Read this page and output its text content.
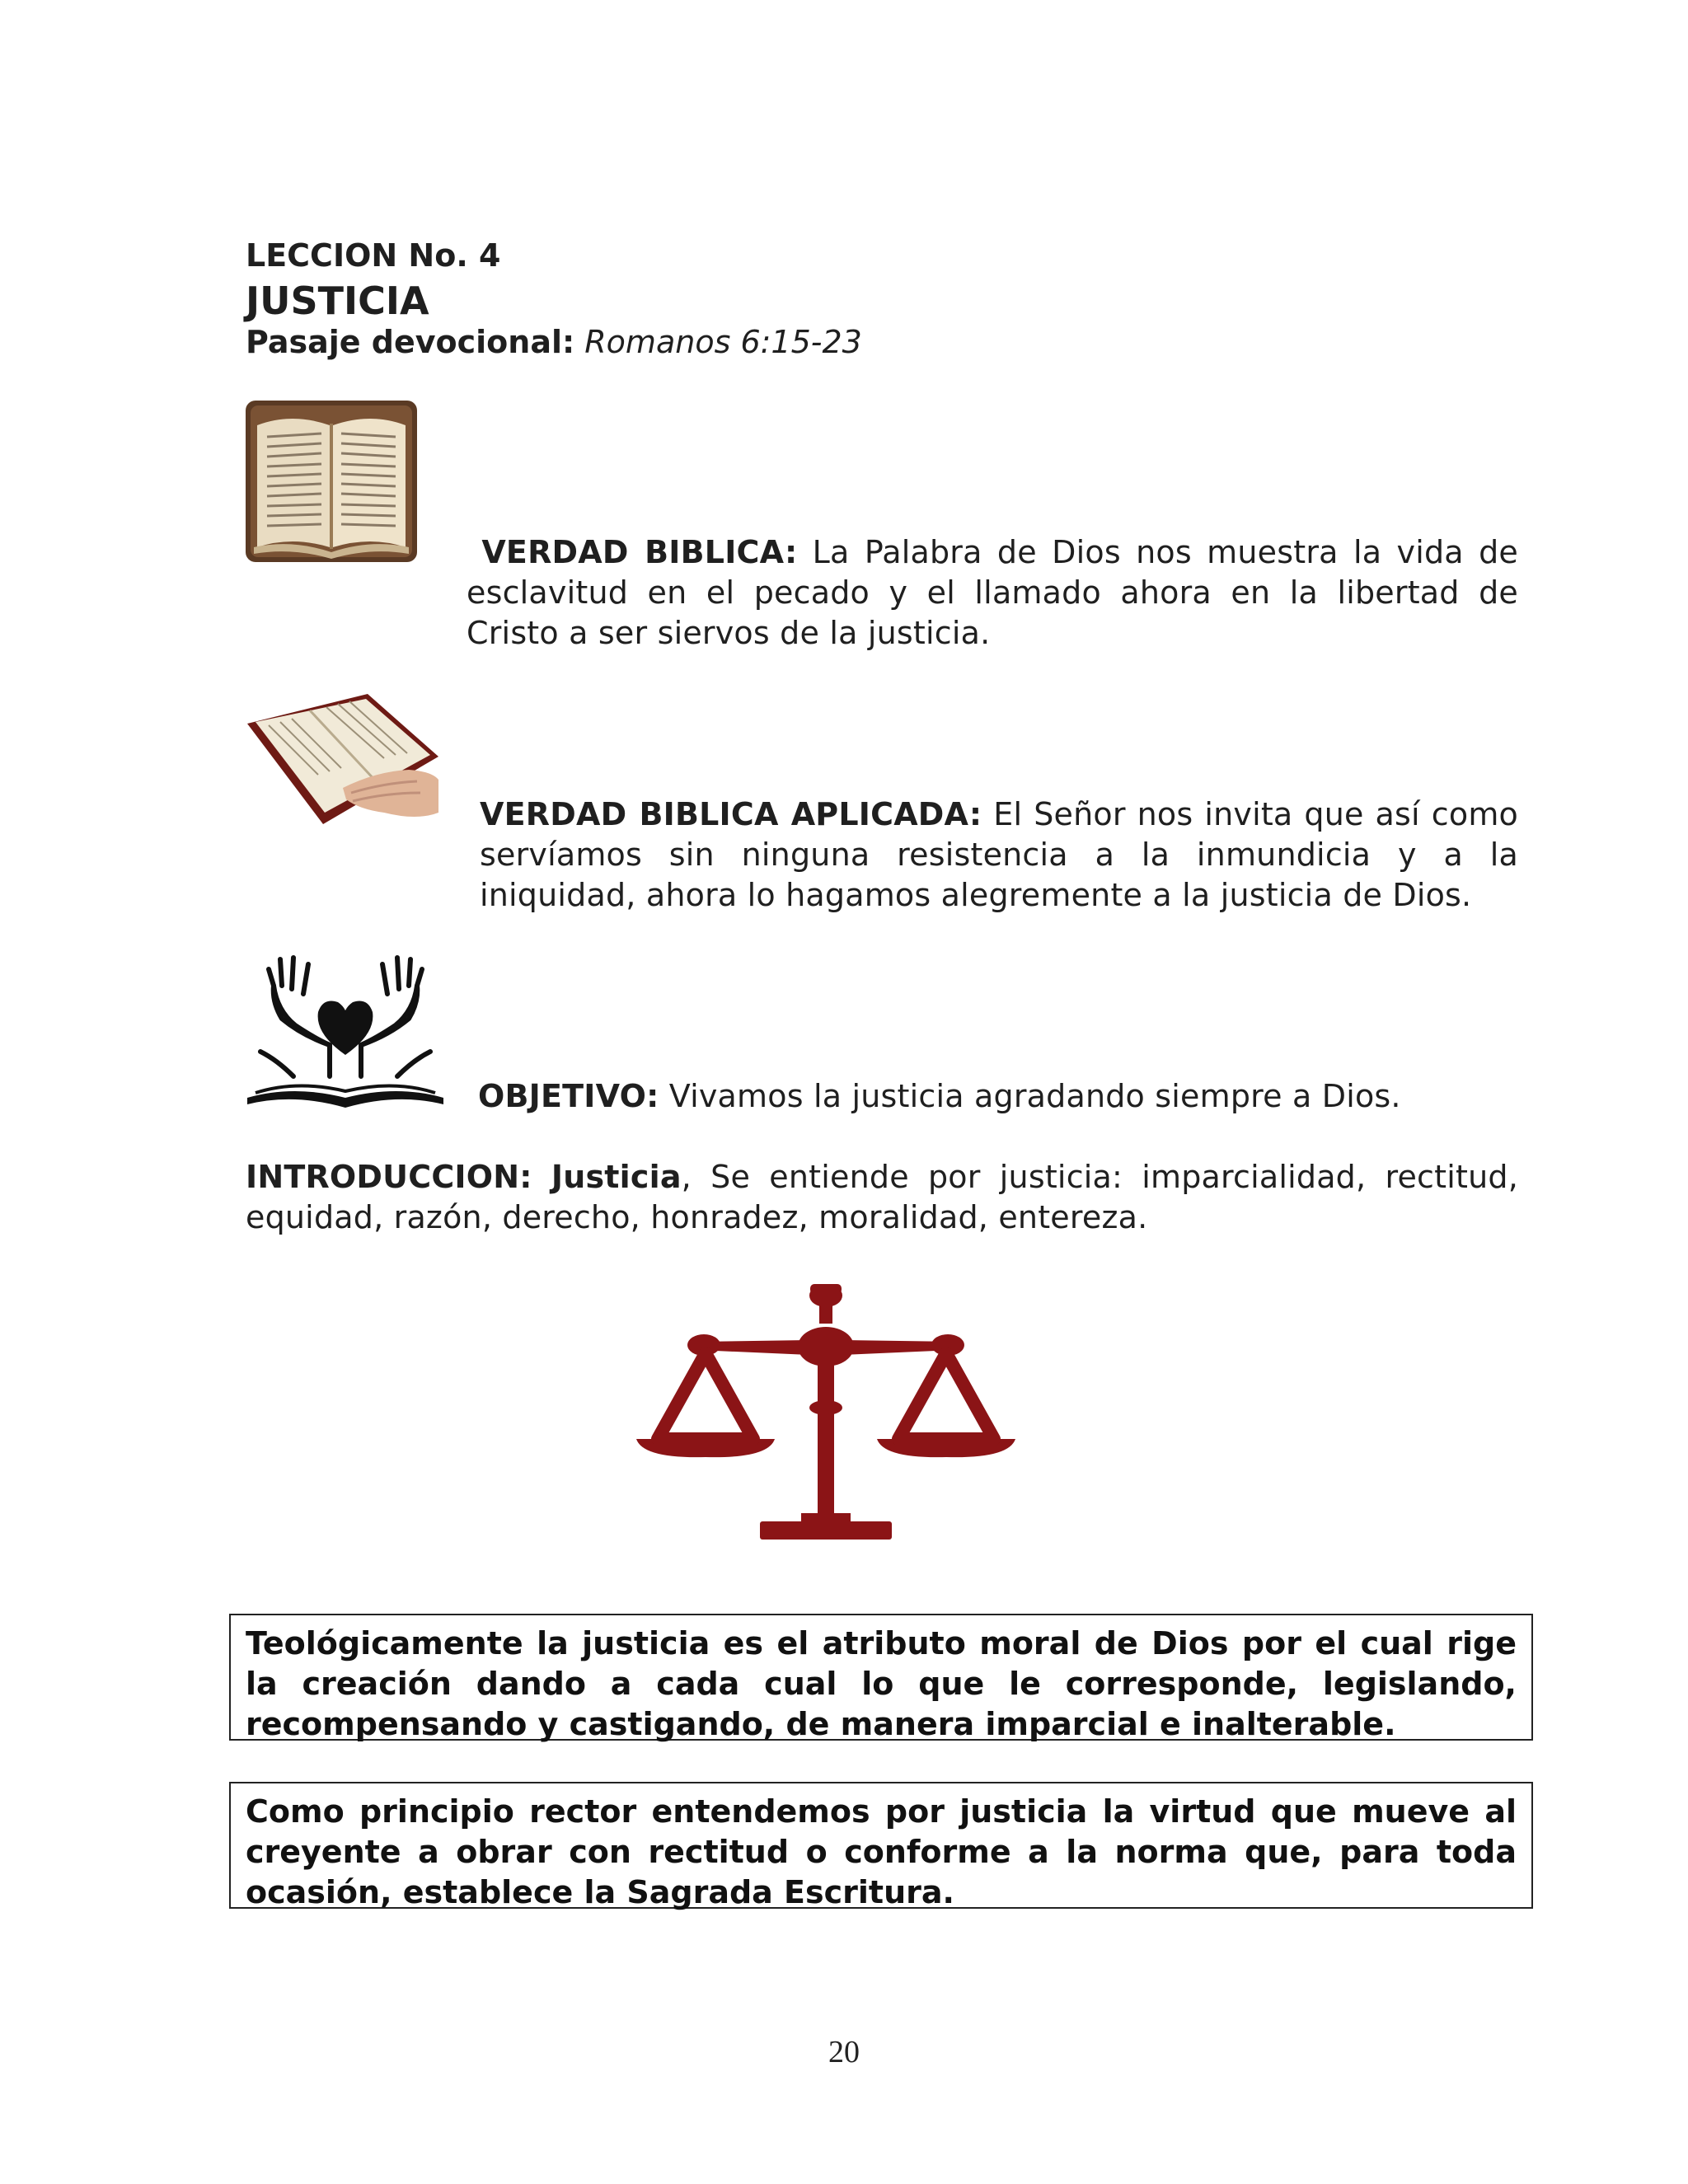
LECCION No. 4
JUSTICIA
Pasaje devocional: Romanos 6:15-23
VERDAD BIBLICA: La Palabra de Dios nos muestra la vida de esclavitud en el pecado y el llamado ahora en la libertad de Cristo a ser siervos de la justicia.
VERDAD BIBLICA APLICADA: El Señor nos invita que así como servíamos sin ninguna resistencia a la inmundicia y a la iniquidad, ahora lo hagamos alegremente a la justicia de Dios.
OBJETIVO: Vivamos la justicia agradando siempre a Dios.
INTRODUCCION: Justicia, Se entiende por justicia: imparcialidad, rectitud, equidad, razón, derecho, honradez, moralidad, entereza.
Teológicamente la justicia es el atributo moral de Dios por el cual rige la creación dando a cada cual lo que le corresponde, legislando, recompensando y castigando, de manera imparcial e inalterable.
Como principio rector entendemos por justicia la virtud que mueve al creyente a obrar con rectitud o conforme a la norma que, para toda ocasión, establece la Sagrada Escritura.
20
